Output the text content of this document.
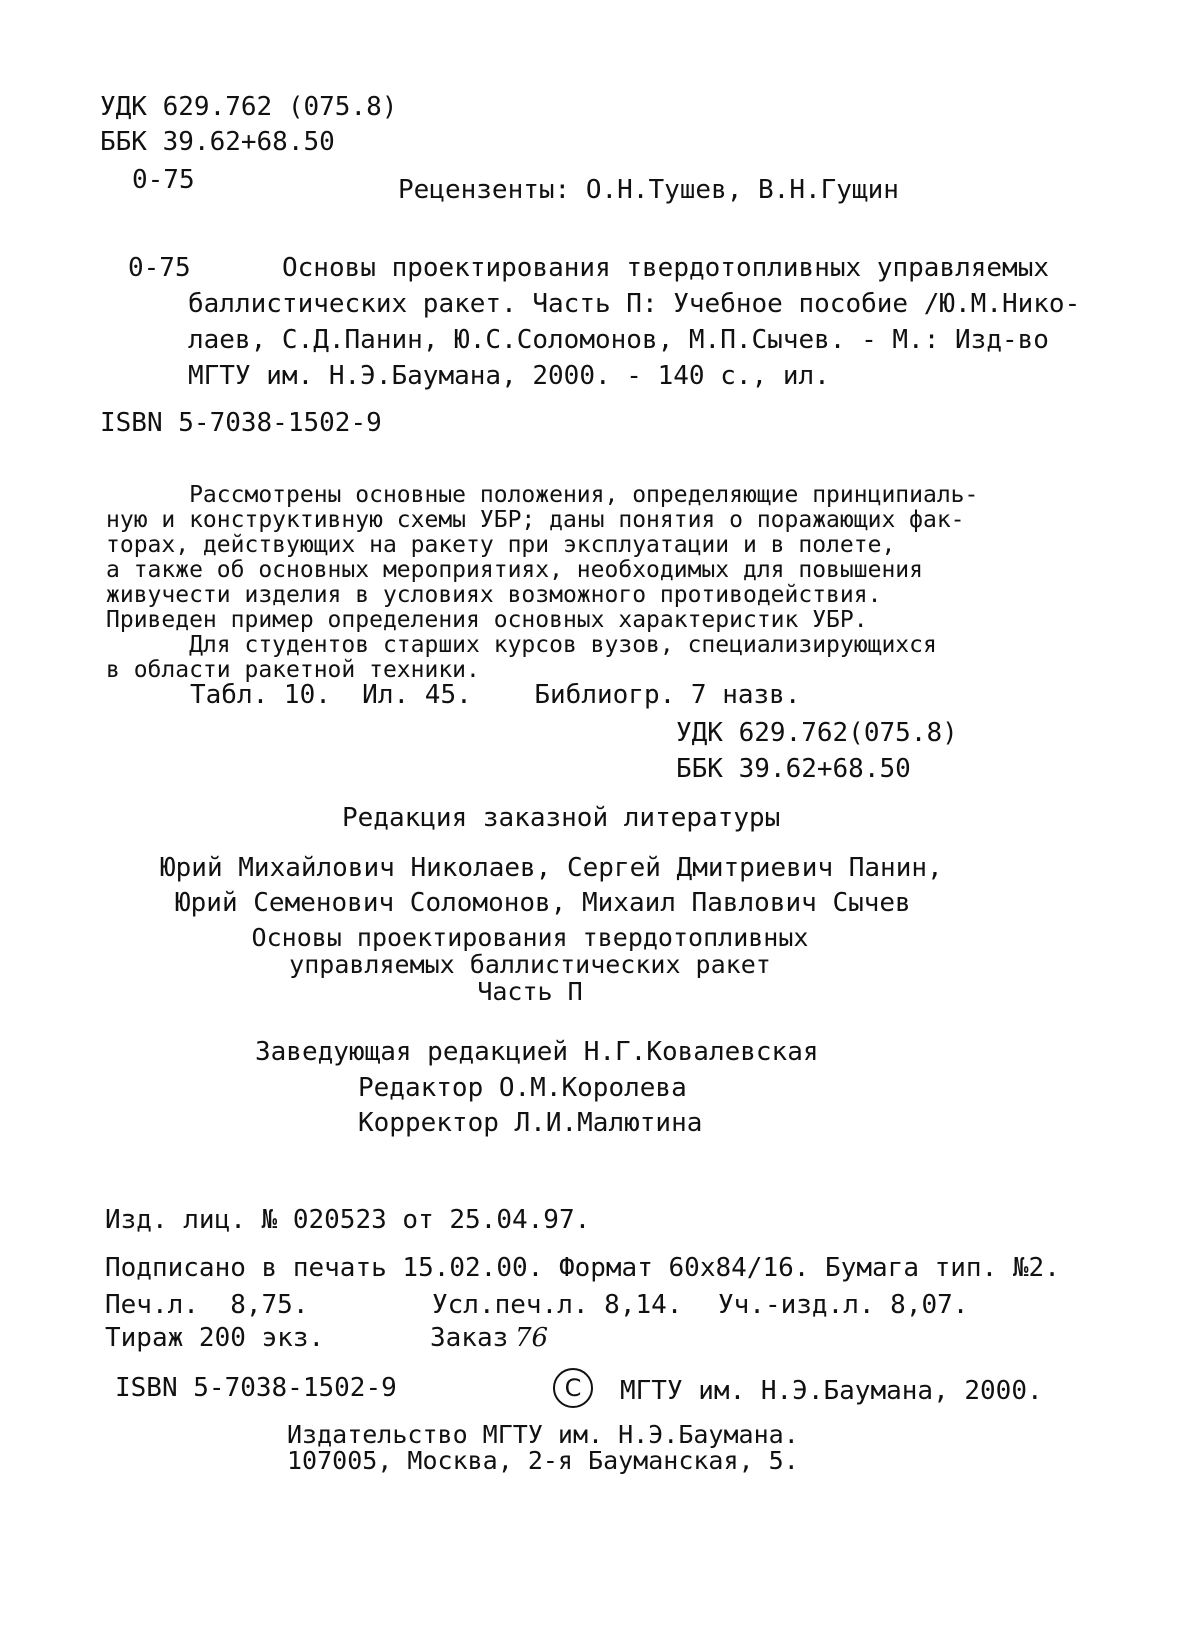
УДК 629.762 (075.8)
ББК 39.62+68.50
0-75	Рецензенты: О.Н.Тушев, В.Н.Гущин
0-75	Основы проектирования твердотопливных управляемых
баллистических ракет. Часть П: Учебное пособие /Ю.М.Нико-
лаев, С.Д.Панин, Ю.С.Соломонов, М.П.Сычев. - М.: Изд-во
МГТУ им. Н.Э.Баумана, 2000. - 140 с., ил.
ISBN 5-7038-1502-9
Рассмотрены основные положения, определяющие принципиаль-
ную и конструктивную схемы УБР; даны понятия о поражающих фак-
торах, действующих на ракету при эксплуатации и в полете,
а также об основных мероприятиях, необходимых для повышения
живучести изделия в условиях возможного противодействия.
Приведен пример определения основных характеристик УБР.
Для студентов старших курсов вузов, специализирующихся
в области ракетной техники.
Табл. 10.  Ил. 45.    Библиогр. 7 назв.
УДК 629.762(075.8)
ББК 39.62+68.50
Редакция заказной литературы
Юрий Михайлович Николаев, Сергей Дмитриевич Панин,
Юрий Семенович Соломонов, Михаил Павлович Сычев
Основы проектирования твердотопливных
управляемых баллистических ракет
Часть П
Заведующая редакцией Н.Г.Ковалевская
Редактор О.М.Королева
Корректор Л.И.Малютина
Изд. лиц. № 020523 от 25.04.97.
Подписано в печать 15.02.00. Формат 60х84/16. Бумага тип. №2.
Печ.л.  8,75.	Усл.печ.л. 8,14. Уч.-изд.л. 8,07.
Тираж 200 экз.	Заказ 76
ISBN 5-7038-1502-9	C	МГТУ им. Н.Э.Баумана, 2000.
Издательство МГТУ им. Н.Э.Баумана.
107005, Москва, 2-я Бауманская, 5.
